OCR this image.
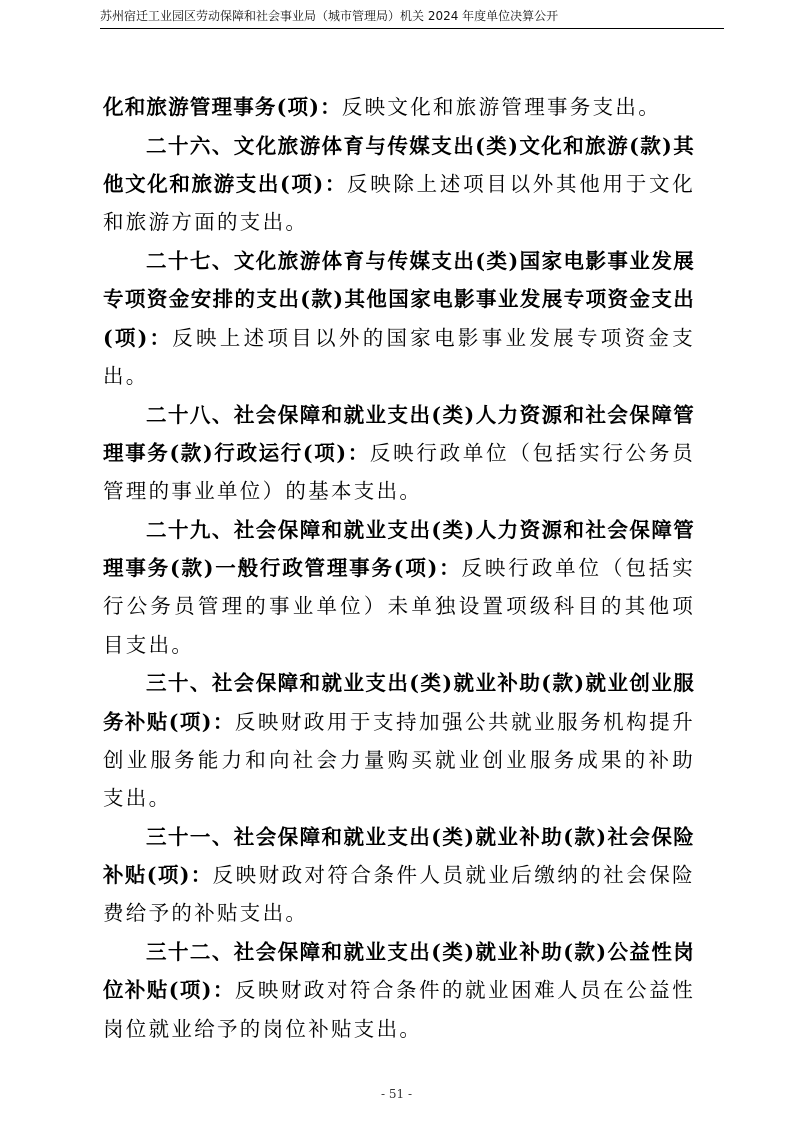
苏州宿迁工业园区劳动保障和社会事业局（城市管理局）机关 2024 年度单位决算公开

化和旅游管理事务(项)：反映文化和旅游管理事务支出。

二十六、文化旅游体育与传媒支出(类)文化和旅游(款)其他文化和旅游支出(项)：反映除上述项目以外其他用于文化和旅游方面的支出。

二十七、文化旅游体育与传媒支出(类)国家电影事业发展专项资金安排的支出(款)其他国家电影事业发展专项资金支出(项)：反映上述项目以外的国家电影事业发展专项资金支出。

二十八、社会保障和就业支出(类)人力资源和社会保障管理事务(款)行政运行(项)：反映行政单位（包括实行公务员管理的事业单位）的基本支出。

二十九、社会保障和就业支出(类)人力资源和社会保障管理事务(款)一般行政管理事务(项)：反映行政单位（包括实行公务员管理的事业单位）未单独设置项级科目的其他项目支出。

三十、社会保障和就业支出(类)就业补助(款)就业创业服务补贴(项)：反映财政用于支持加强公共就业服务机构提升创业服务能力和向社会力量购买就业创业服务成果的补助支出。

三十一、社会保障和就业支出(类)就业补助(款)社会保险补贴(项)：反映财政对符合条件人员就业后缴纳的社会保险费给予的补贴支出。

三十二、社会保障和就业支出(类)就业补助(款)公益性岗位补贴(项)：反映财政对符合条件的就业困难人员在公益性岗位就业给予的岗位补贴支出。

- 51 -
